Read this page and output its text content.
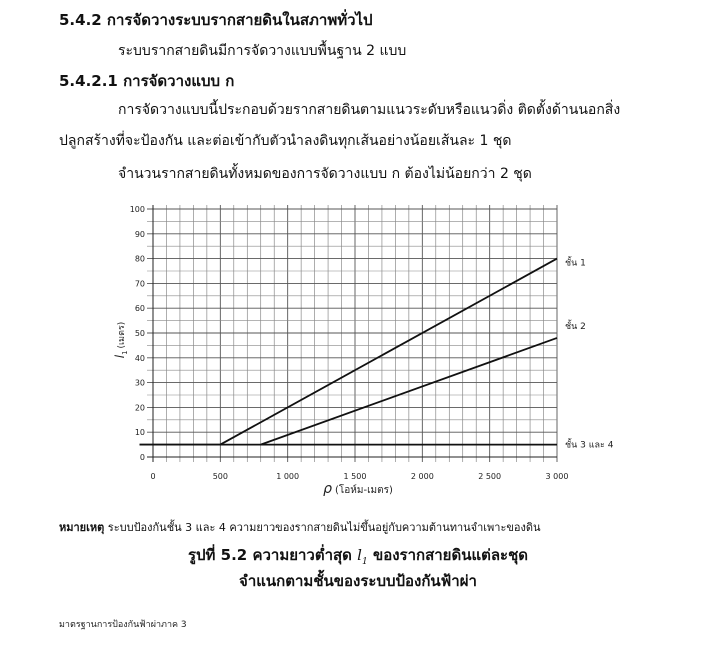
5.4.2 การจัดวางระบบรากสายดินในสภาพทั่วไป
ระบบรากสายดินมีการจัดวางแบบพื้นฐาน 2 แบบ
5.4.2.1 การจัดวางแบบ ก
การจัดวางแบบนี้ประกอบด้วยรากสายดินตามแนวระดับหรือแนวดิ่ง ติดตั้งด้านนอกสิ่ง
ปลูกสร้างที่จะป้องกัน และต่อเข้ากับตัวนำลงดินทุกเส้นอย่างน้อยเส้นละ 1 ชุด
จำนวนรากสายดินทั้งหมดของการจัดวางแบบ ก ต้องไม่น้อยกว่า 2 ชุด
0	500	1 000	1 500	2 000	2 500	3 000
0
10
20
30
40
50
60
70
80
90
100
ชั้น 1
ชั้น 2
ชั้น 3 และ 4
ρ (โอห์ม-เมตร)
$l_1$(เมตร)
หมายเหตุ ระบบป้องกันชั้น 3 และ 4 ความยาวของรากสายดินไม่ขึ้นอยู่กับความต้านทานจำเพาะของดิน
รูปที่ 5.2 ความยาวต่ำสุด $l_1$ ของรากสายดินแต่ละชุด
จำแนกตามชั้นของระบบป้องกันฟ้าผ่า
มาตรฐานการป้องกันฟ้าผ่าภาค 3
